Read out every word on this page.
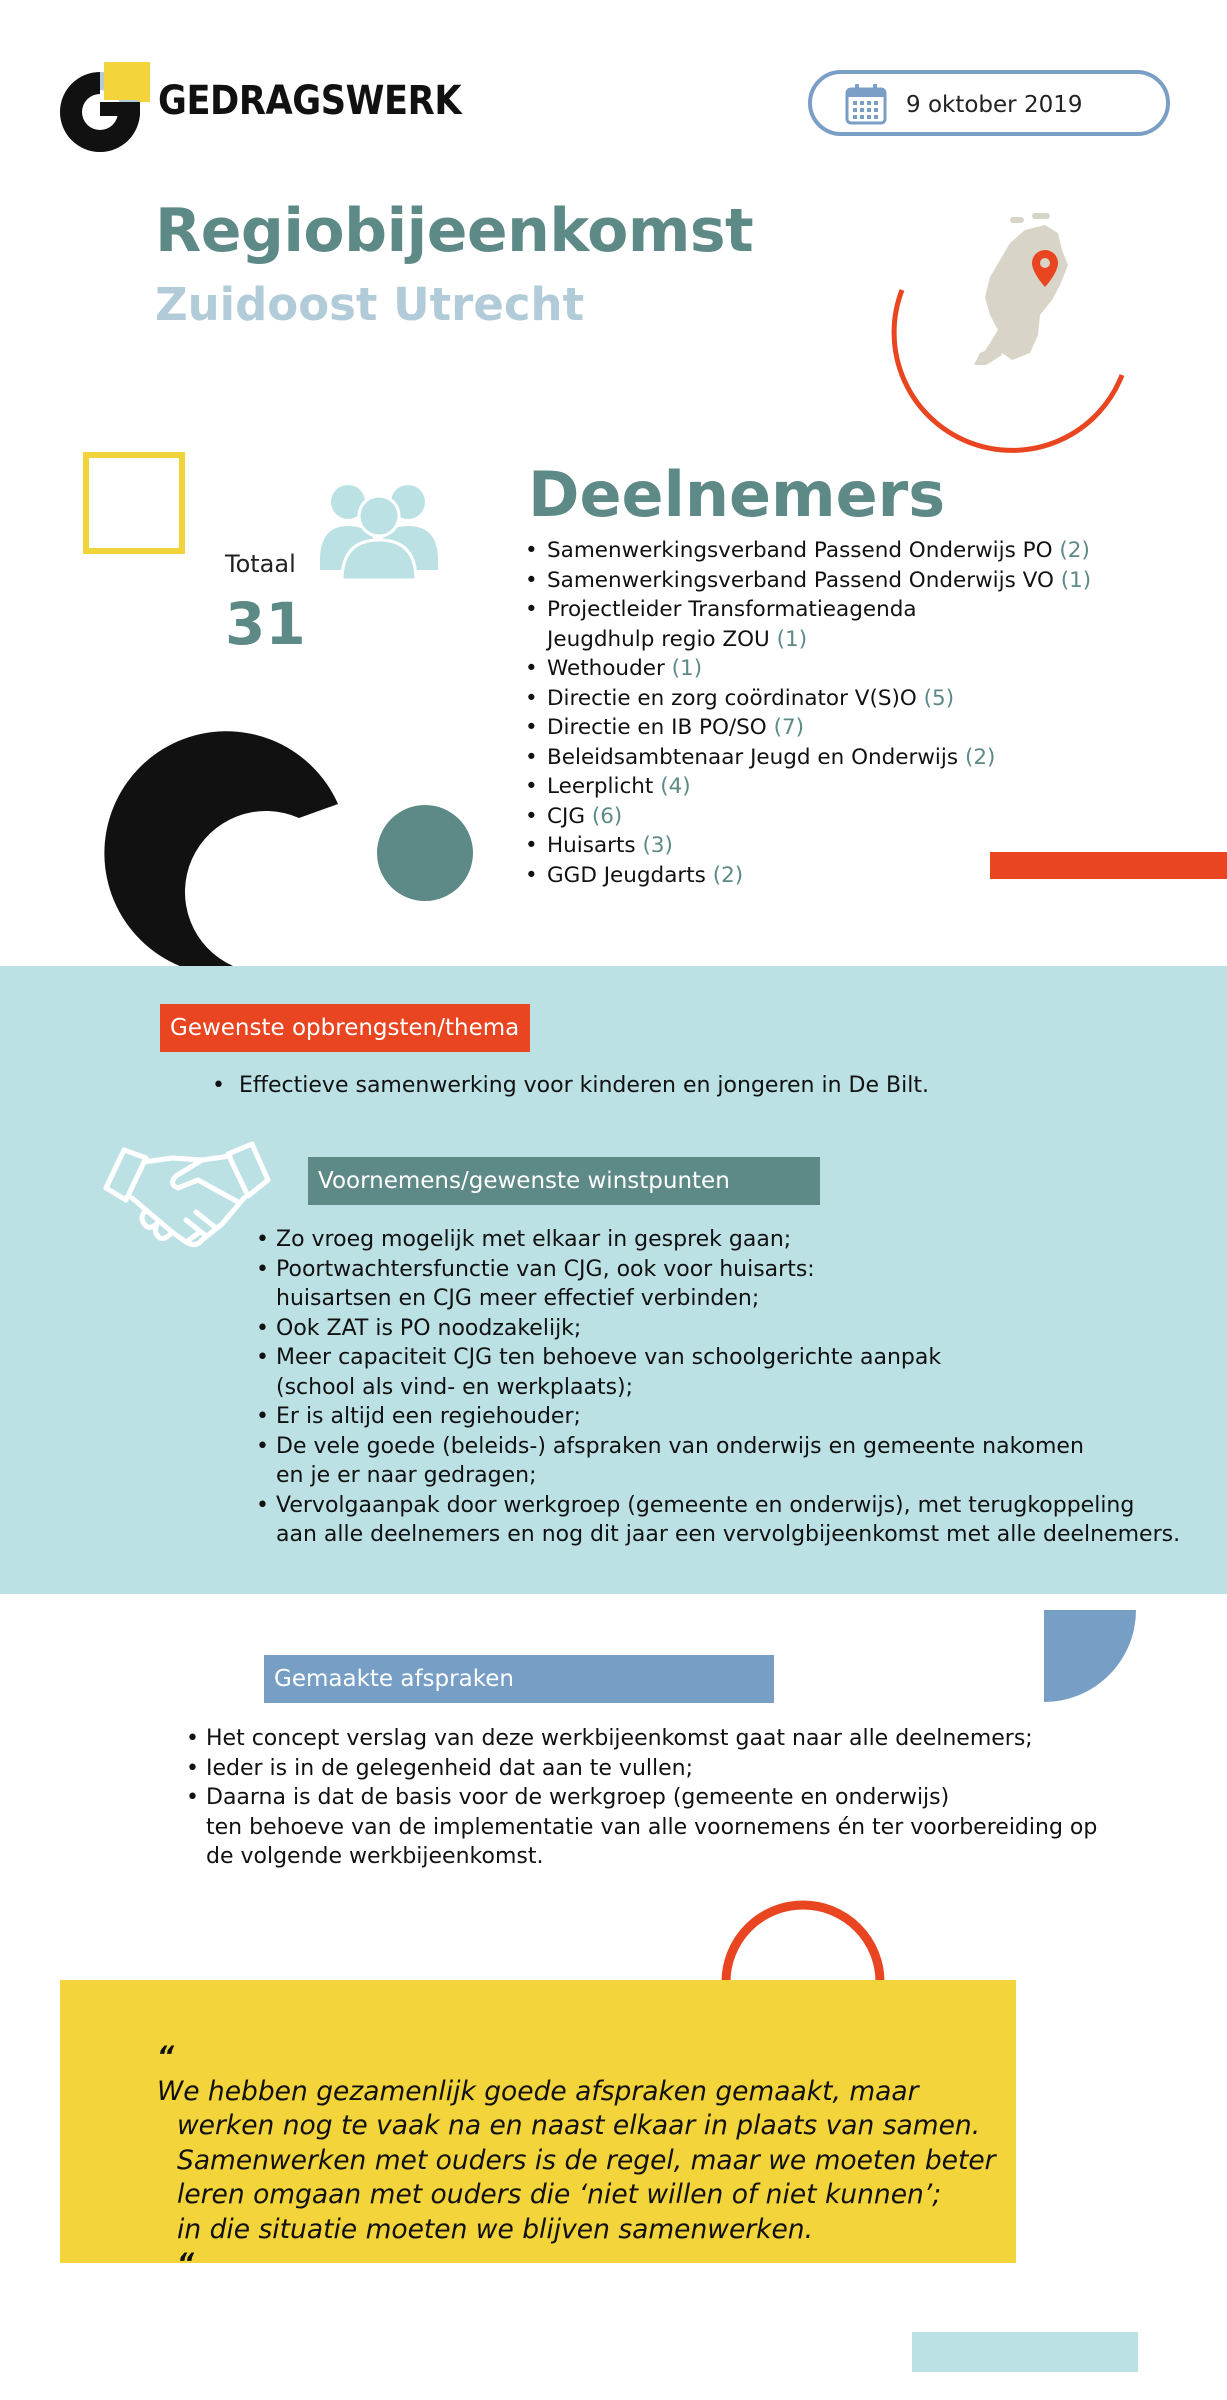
GEDRAGSWERK	9 oktober 2019
Regiobijeenkomst
Zuidoost Utrecht
Totaal
31
Deelnemers
• Samenwerkingsverband Passend Onderwijs PO (2)
• Samenwerkingsverband Passend Onderwijs VO (1)
• Projectleider Transformatieagenda
Jeugdhulp regio ZOU (1)
• Wethouder (1)
• Directie en zorg coördinator V(S)O (5)
• Directie en IB PO/SO (7)
• Beleidsambtenaar Jeugd en Onderwijs (2)
• Leerplicht (4)
• CJG (6)
• Huisarts (3)
• GGD Jeugdarts (2)
Gewenste opbrengsten/thema
•  Effectieve samenwerking voor kinderen en jongeren in De Bilt.
Voornemens/gewenste winstpunten
• Zo vroeg mogelijk met elkaar in gesprek gaan;
• Poortwachtersfunctie van CJG, ook voor huisarts:
huisartsen en CJG meer effectief verbinden;
• Ook ZAT is PO noodzakelijk;
• Meer capaciteit CJG ten behoeve van schoolgerichte aanpak
(school als vind- en werkplaats);
• Er is altijd een regiehouder;
• De vele goede (beleids-) afspraken van onderwijs en gemeente nakomen
en je er naar gedragen;
• Vervolgaanpak door werkgroep (gemeente en onderwijs), met terugkoppeling
aan alle deelnemers en nog dit jaar een vervolgbijeenkomst met alle deelnemers.
Gemaakte afspraken
• Het concept verslag van deze werkbijeenkomst gaat naar alle deelnemers;
• Ieder is in de gelegenheid dat aan te vullen;
• Daarna is dat de basis voor de werkgroep (gemeente en onderwijs)
ten behoeve van de implementatie van alle voornemens én ter voorbereiding op
de volgende werkbijeenkomst.
“
We hebben gezamenlijk goede afspraken gemaakt, maar
werken nog te vaak na en naast elkaar in plaats van samen.
Samenwerken met ouders is de regel, maar we moeten beter
leren omgaan met ouders die ‘niet willen of niet kunnen’;
in die situatie moeten we blijven samenwerken.
“
